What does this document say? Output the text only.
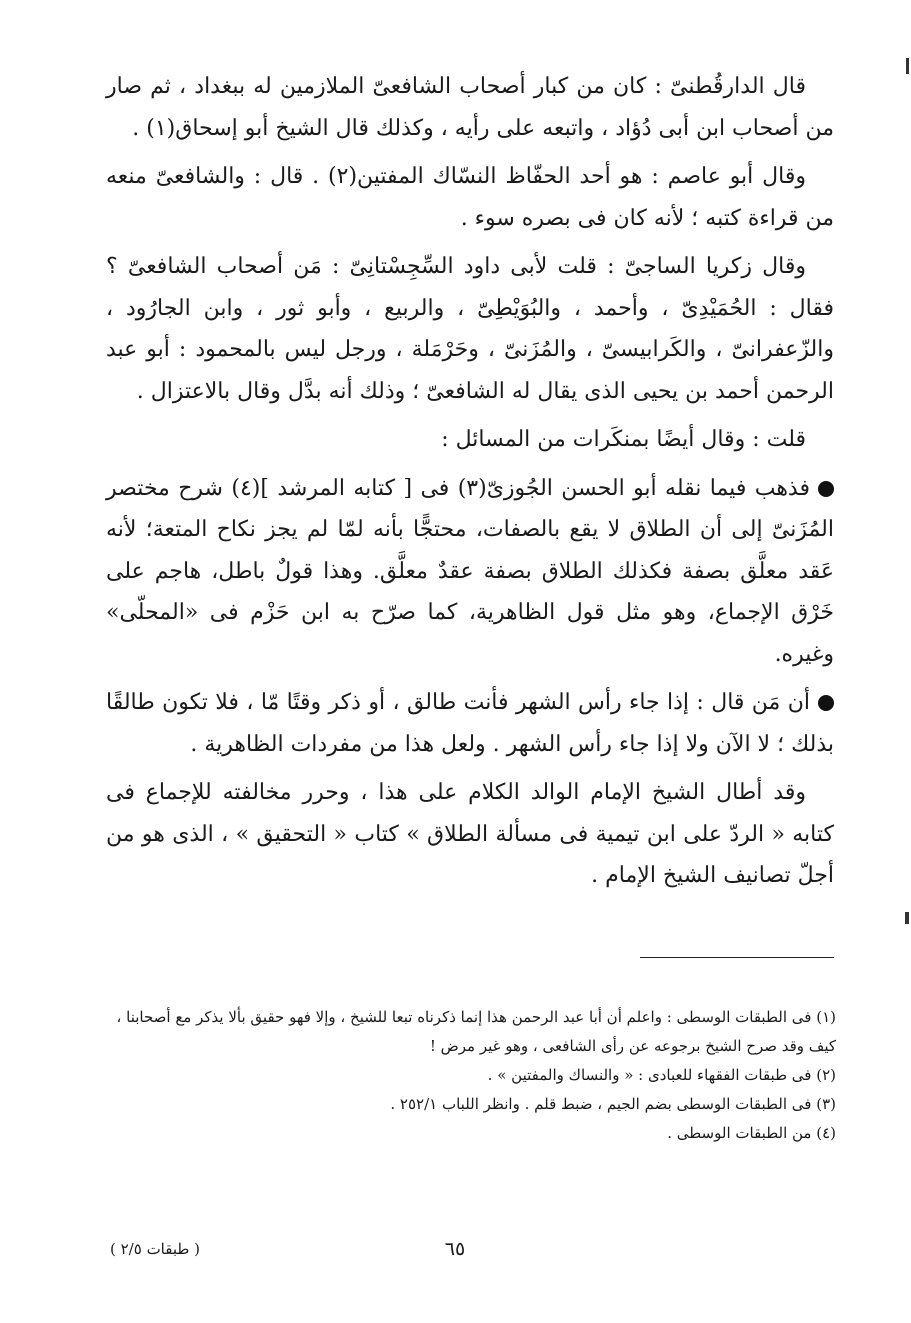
قال الدارقُطنىّ : كان من كبار أصحاب الشافعىّ الملازمين له ببغداد ، ثم صار من أصحاب ابن أبى دُؤاد ، واتبعه على رأيه ، وكذلك قال الشيخ أبو إسحاق(١) .

وقال أبو عاصم : هو أحد الحفّاظ النسّاك المفتين(٢) . قال : والشافعىّ منعه من قراءة كتبه ؛ لأنه كان فى بصره سوء .

وقال زكريا الساجىّ : قلت لأبى داود السِّجِسْتانِىّ : مَن أصحاب الشافعىّ ؟ فقال : الحُمَيْدِىّ ، وأحمد ، والبُوَيْطِىّ ، والربيع ، وأبو ثور ، وابن الجارُود ، والزّعفرانىّ ، والكَرابيسىّ ، والمُزَنىّ ، وحَرْمَلة ، ورجل ليس بالمحمود : أبو عبد الرحمن أحمد بن يحيى الذى يقال له الشافعىّ ؛ وذلك أنه بدَّل وقال بالاعتزال .

قلت : وقال أيضًا بمنكَرات من المسائل :

فذهب فيما نقله أبو الحسن الجُوزىّ(٣) فى [ كتابه المرشد ](٤) شرح مختصر المُزَنىّ إلى أن الطلاق لا يقع بالصفات، محتجًّا بأنه لمّا لم يجز نكاح المتعة؛ لأنه عَقد معلَّق بصفة فكذلك الطلاق بصفة عقدٌ معلَّق. وهذا قولٌ باطل، هاجم على خَرْق الإجماع، وهو مثل قول الظاهرية، كما صرّح به ابن حَزْم فى «المحلّى» وغيره.

أن مَن قال : إذا جاء رأس الشهر فأنت طالق ، أو ذكر وقتًا مّا ، فلا تكون طالقًا بذلك ؛ لا الآن ولا إذا جاء رأس الشهر . ولعل هذا من مفردات الظاهرية .

وقد أطال الشيخ الإمام الوالد الكلام على هذا ، وحرر مخالفته للإجماع فى كتابه « الردّ على ابن تيمية فى مسألة الطلاق » كتاب « التحقيق » ، الذى هو من أجلّ تصانيف الشيخ الإمام .

(١) فى الطبقات الوسطى : واعلم أن أبا عبد الرحمن هذا إنما ذكرناه تبعا للشيخ ، وإلا فهو حقيق بألا يذكر مع أصحابنا ، كيف وقد صرح الشيخ برجوعه عن رأى الشافعى ، وهو غير مرض !

(٢) فى طبقات الفقهاء للعبادى : « والنساك والمفتين » .

(٣) فى الطبقات الوسطى بضم الجيم ، ضبط قلم . وانظر اللباب ٢٥٢/١ .

(٤) من الطبقات الوسطى .

٦٥
( طبقات ٢/٥ )
